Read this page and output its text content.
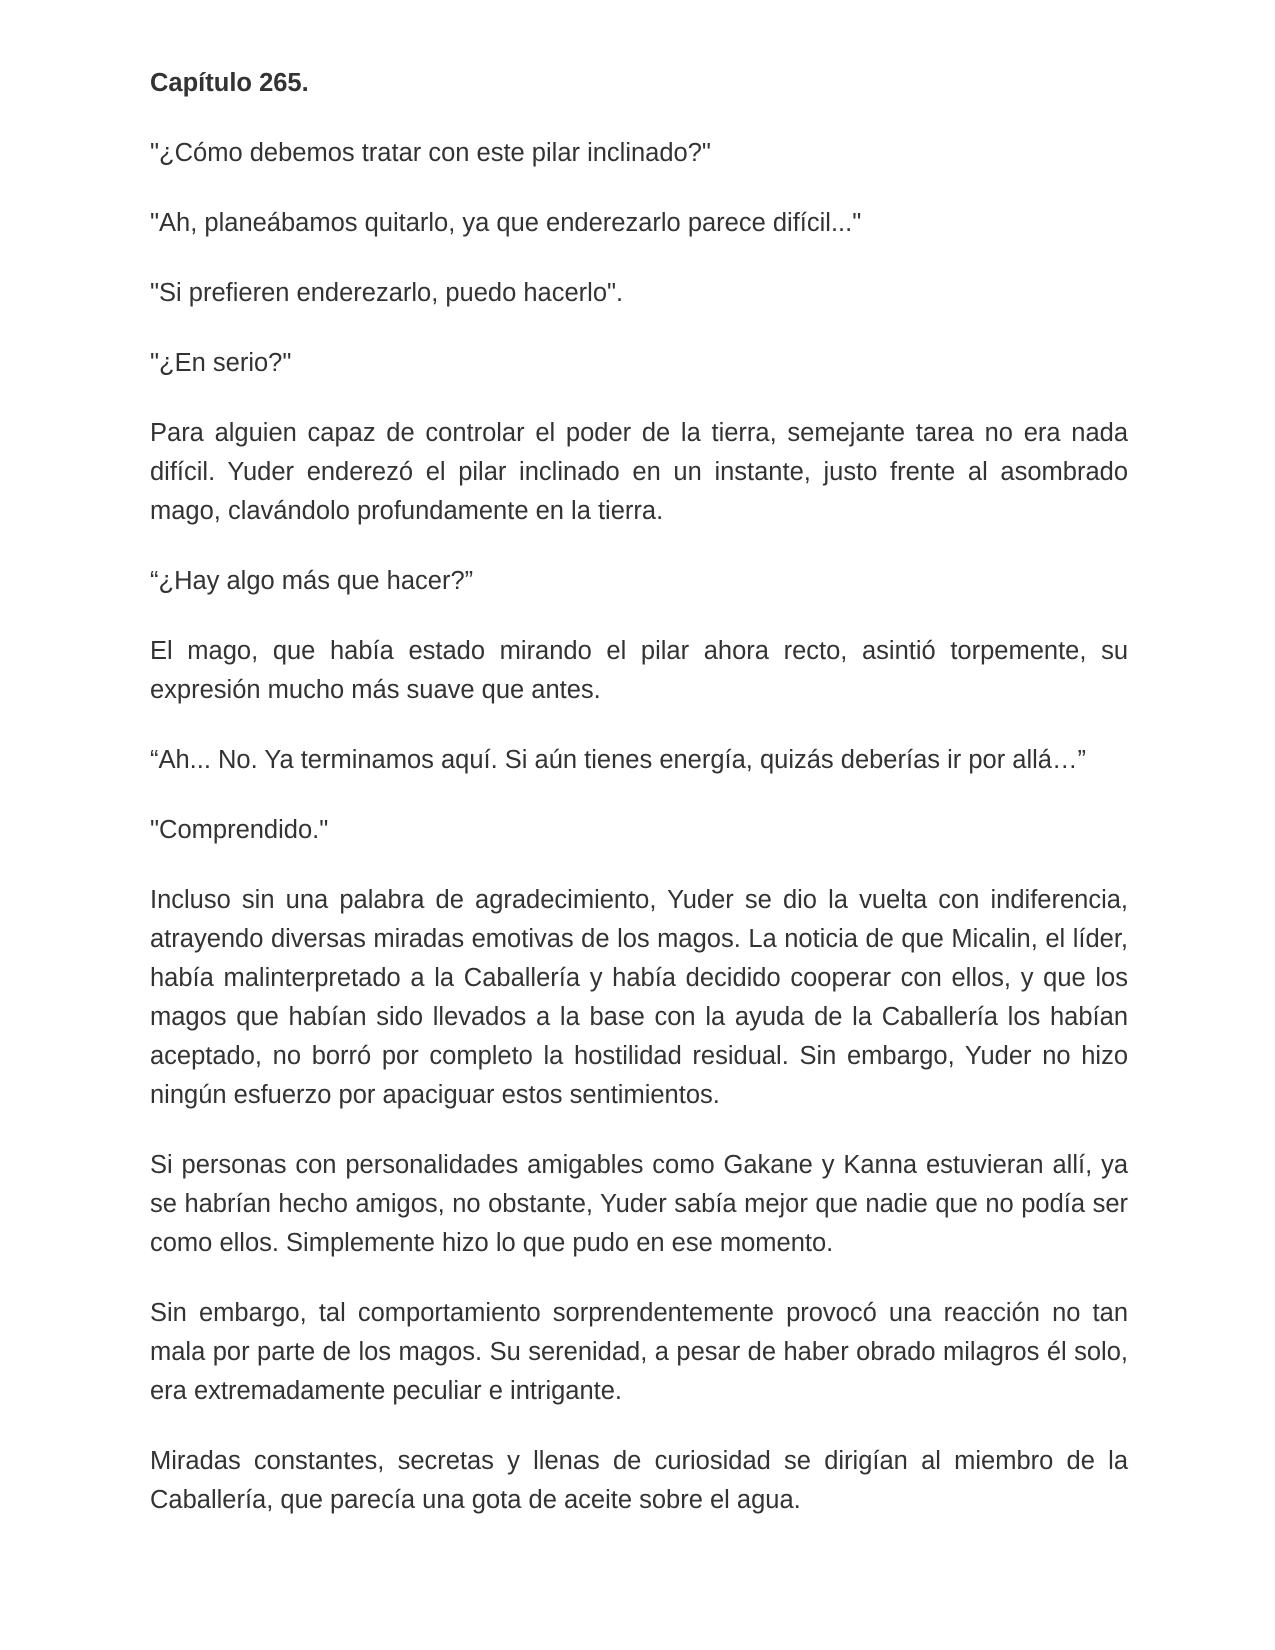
Capítulo 265.
"¿Cómo debemos tratar con este pilar inclinado?"
"Ah, planeábamos quitarlo, ya que enderezarlo parece difícil..."
"Si prefieren enderezarlo, puedo hacerlo".
"¿En serio?"
Para alguien capaz de controlar el poder de la tierra, semejante tarea no era nada difícil. Yuder enderezó el pilar inclinado en un instante, justo frente al asombrado mago, clavándolo profundamente en la tierra.
“¿Hay algo más que hacer?”
El mago, que había estado mirando el pilar ahora recto, asintió torpemente, su expresión mucho más suave que antes.
“Ah... No. Ya terminamos aquí. Si aún tienes energía, quizás deberías ir por allá…”
"Comprendido."
Incluso sin una palabra de agradecimiento, Yuder se dio la vuelta con indiferencia, atrayendo diversas miradas emotivas de los magos. La noticia de que Micalin, el líder, había malinterpretado a la Caballería y había decidido cooperar con ellos, y que los magos que habían sido llevados a la base con la ayuda de la Caballería los habían aceptado, no borró por completo la hostilidad residual. Sin embargo, Yuder no hizo ningún esfuerzo por apaciguar estos sentimientos.
Si personas con personalidades amigables como Gakane y Kanna estuvieran allí, ya se habrían hecho amigos, no obstante, Yuder sabía mejor que nadie que no podía ser como ellos. Simplemente hizo lo que pudo en ese momento.
Sin embargo, tal comportamiento sorprendentemente provocó una reacción no tan mala por parte de los magos. Su serenidad, a pesar de haber obrado milagros él solo, era extremadamente peculiar e intrigante.
Miradas constantes, secretas y llenas de curiosidad se dirigían al miembro de la Caballería, que parecía una gota de aceite sobre el agua.
